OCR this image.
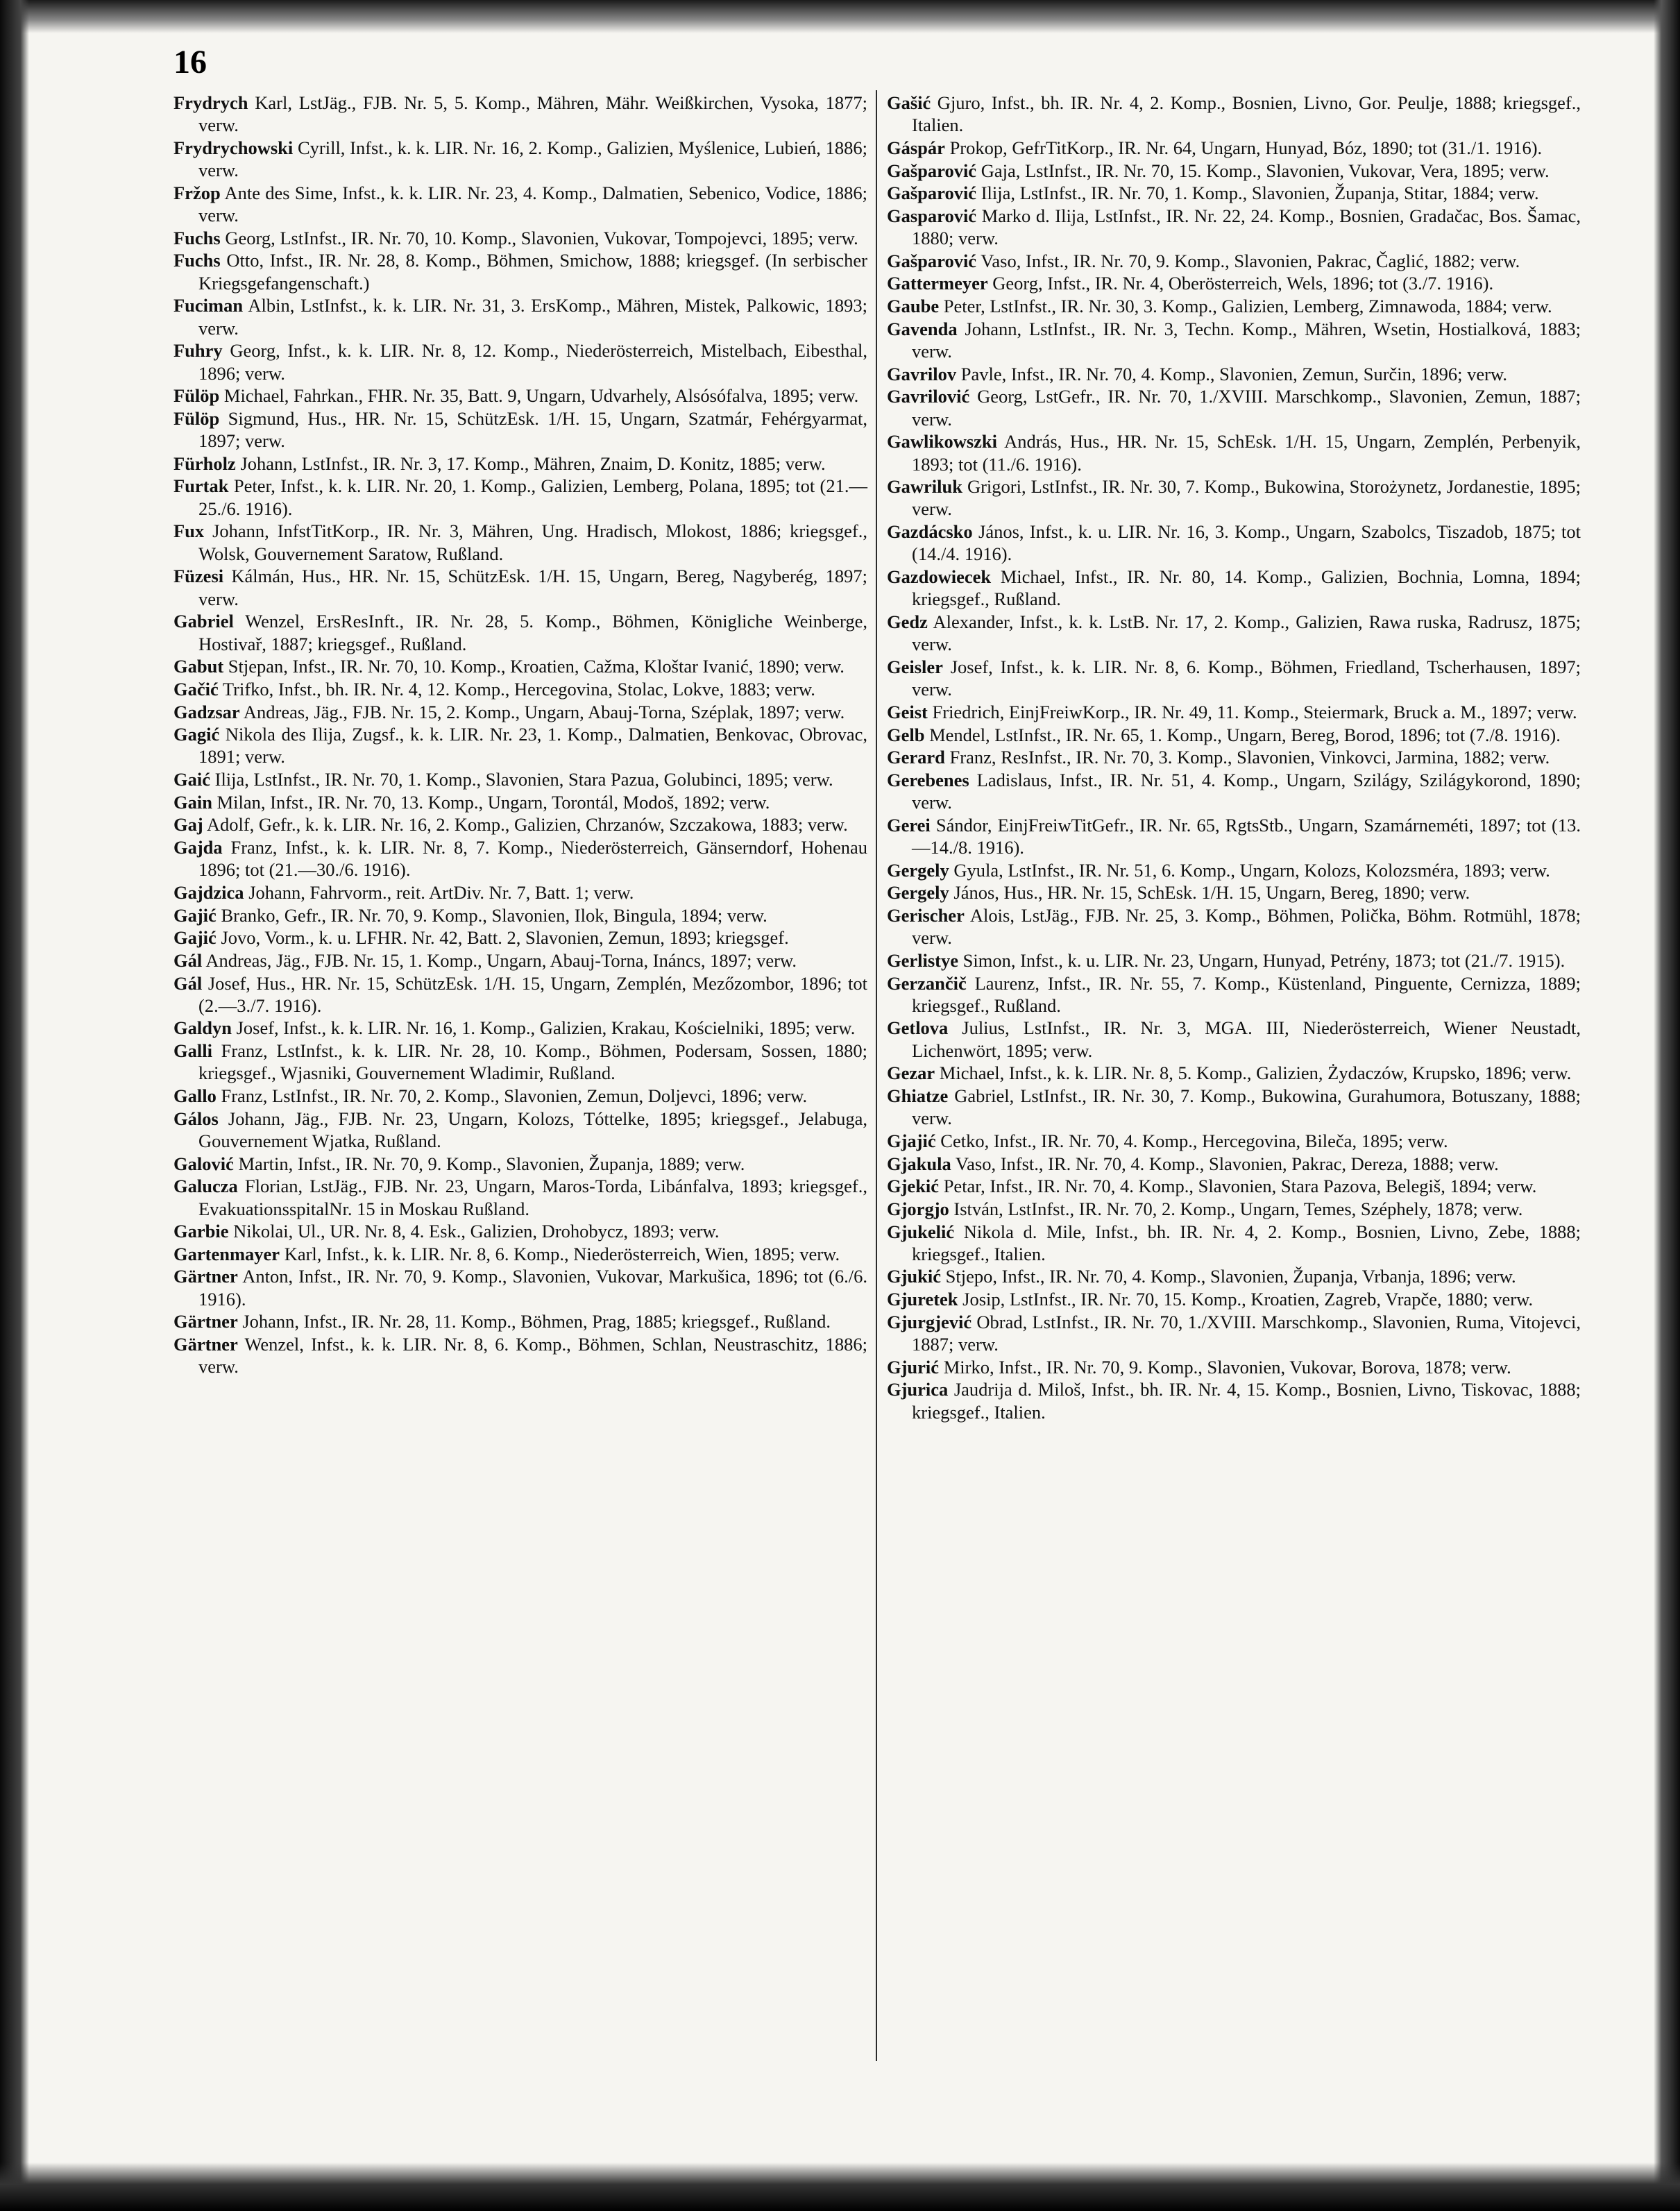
16

Frydrych Karl, LstJäg., FJB. Nr. 5, 5. Komp., Mähren, Mähr. Weißkirchen, Vysoka, 1877; verw.

Frydrychowski Cyrill, Infst., k. k. LIR. Nr. 16, 2. Komp., Galizien, Myślenice, Lubień, 1886; verw.

Fržop Ante des Sime, Infst., k. k. LIR. Nr. 23, 4. Komp., Dalmatien, Sebenico, Vodice, 1886; verw.

Fuchs Georg, LstInfst., IR. Nr. 70, 10. Komp., Slavonien, Vukovar, Tompojevci, 1895; verw.

Fuchs Otto, Infst., IR. Nr. 28, 8. Komp., Böhmen, Smichow, 1888; kriegsgef. (In serbischer Kriegsgefangenschaft.)

Fuciman Albin, LstInfst., k. k. LIR. Nr. 31, 3. ErsKomp., Mähren, Mistek, Palkowic, 1893; verw.

Fuhry Georg, Infst., k. k. LIR. Nr. 8, 12. Komp., Niederösterreich, Mistelbach, Eibesthal, 1896; verw.

Fülöp Michael, Fahrkan., FHR. Nr. 35, Batt. 9, Ungarn, Udvarhely, Alsósófalva, 1895; verw.

Fülöp Sigmund, Hus., HR. Nr. 15, SchützEsk. 1/H. 15, Ungarn, Szatmár, Fehérgyarmat, 1897; verw.

Fürholz Johann, LstInfst., IR. Nr. 3, 17. Komp., Mähren, Znaim, D. Konitz, 1885; verw.

Furtak Peter, Infst., k. k. LIR. Nr. 20, 1. Komp., Galizien, Lemberg, Polana, 1895; tot (21.—25./6. 1916).

Fux Johann, InfstTitKorp., IR. Nr. 3, Mähren, Ung. Hradisch, Mlokost, 1886; kriegsgef., Wolsk, Gouvernement Saratow, Rußland.

Füzesi Kálmán, Hus., HR. Nr. 15, SchützEsk. 1/H. 15, Ungarn, Bereg, Nagyberég, 1897; verw.

Gabriel Wenzel, ErsResInft., IR. Nr. 28, 5. Komp., Böhmen, Königliche Weinberge, Hostivař, 1887; kriegsgef., Rußland.

Gabut Stjepan, Infst., IR. Nr. 70, 10. Komp., Kroatien, Cažma, Kloštar Ivanić, 1890; verw.

Gačić Trifko, Infst., bh. IR. Nr. 4, 12. Komp., Hercegovina, Stolac, Lokve, 1883; verw.

Gadzsar Andreas, Jäg., FJB. Nr. 15, 2. Komp., Ungarn, Abauj-Torna, Széplak, 1897; verw.

Gagić Nikola des Ilija, Zugsf., k. k. LIR. Nr. 23, 1. Komp., Dalmatien, Benkovac, Obrovac, 1891; verw.

Gaić Ilija, LstInfst., IR. Nr. 70, 1. Komp., Slavonien, Stara Pazua, Golubinci, 1895; verw.

Gain Milan, Infst., IR. Nr. 70, 13. Komp., Ungarn, Torontál, Modoš, 1892; verw.

Gaj Adolf, Gefr., k. k. LIR. Nr. 16, 2. Komp., Galizien, Chrzanów, Szczakowa, 1883; verw.

Gajda Franz, Infst., k. k. LIR. Nr. 8, 7. Komp., Niederösterreich, Gänserndorf, Hohenau 1896; tot (21.—30./6. 1916).

Gajdzica Johann, Fahrvorm., reit. ArtDiv. Nr. 7, Batt. 1; verw.

Gajić Branko, Gefr., IR. Nr. 70, 9. Komp., Slavonien, Ilok, Bingula, 1894; verw.

Gajić Jovo, Vorm., k. u. LFHR. Nr. 42, Batt. 2, Slavonien, Zemun, 1893; kriegsgef.

Gál Andreas, Jäg., FJB. Nr. 15, 1. Komp., Ungarn, Abauj-Torna, Ináncs, 1897; verw.

Gál Josef, Hus., HR. Nr. 15, SchützEsk. 1/H. 15, Ungarn, Zemplén, Mezőzombor, 1896; tot (2.—3./7. 1916).

Galdyn Josef, Infst., k. k. LIR. Nr. 16, 1. Komp., Galizien, Krakau, Kościelniki, 1895; verw.

Galli Franz, LstInfst., k. k. LIR. Nr. 28, 10. Komp., Böhmen, Podersam, Sossen, 1880; kriegsgef., Wjasniki, Gouvernement Wladimir, Rußland.

Gallo Franz, LstInfst., IR. Nr. 70, 2. Komp., Slavonien, Zemun, Doljevci, 1896; verw.

Gálos Johann, Jäg., FJB. Nr. 23, Ungarn, Kolozs, Tóttelke, 1895; kriegsgef., Jelabuga, Gouvernement Wjatka, Rußland.

Galović Martin, Infst., IR. Nr. 70, 9. Komp., Slavonien, Županja, 1889; verw.

Galucza Florian, LstJäg., FJB. Nr. 23, Ungarn, Maros-Torda, Libánfalva, 1893; kriegsgef., EvakuationsspitalNr. 15 in Moskau Rußland.

Garbie Nikolai, Ul., UR. Nr. 8, 4. Esk., Galizien, Drohobycz, 1893; verw.

Gartenmayer Karl, Infst., k. k. LIR. Nr. 8, 6. Komp., Niederösterreich, Wien, 1895; verw.

Gärtner Anton, Infst., IR. Nr. 70, 9. Komp., Slavonien, Vukovar, Markušica, 1896; tot (6./6. 1916).

Gärtner Johann, Infst., IR. Nr. 28, 11. Komp., Böhmen, Prag, 1885; kriegsgef., Rußland.

Gärtner Wenzel, Infst., k. k. LIR. Nr. 8, 6. Komp., Böhmen, Schlan, Neustraschitz, 1886; verw.

Gašić Gjuro, Infst., bh. IR. Nr. 4, 2. Komp., Bosnien, Livno, Gor. Peulje, 1888; kriegsgef., Italien.

Gáspár Prokop, GefrTitKorp., IR. Nr. 64, Ungarn, Hunyad, Bóz, 1890; tot (31./1. 1916).

Gašparović Gaja, LstInfst., IR. Nr. 70, 15. Komp., Slavonien, Vukovar, Vera, 1895; verw.

Gašparović Ilija, LstInfst., IR. Nr. 70, 1. Komp., Slavonien, Županja, Stitar, 1884; verw.

Gasparović Marko d. Ilija, LstInfst., IR. Nr. 22, 24. Komp., Bosnien, Gradačac, Bos. Šamac, 1880; verw.

Gašparović Vaso, Infst., IR. Nr. 70, 9. Komp., Slavonien, Pakrac, Čaglić, 1882; verw.

Gattermeyer Georg, Infst., IR. Nr. 4, Oberösterreich, Wels, 1896; tot (3./7. 1916).

Gaube Peter, LstInfst., IR. Nr. 30, 3. Komp., Galizien, Lemberg, Zimnawoda, 1884; verw.

Gavenda Johann, LstInfst., IR. Nr. 3, Techn. Komp., Mähren, Wsetin, Hostialková, 1883; verw.

Gavrilov Pavle, Infst., IR. Nr. 70, 4. Komp., Slavonien, Zemun, Surčin, 1896; verw.

Gavrilović Georg, LstGefr., IR. Nr. 70, 1./XVIII. Marschkomp., Slavonien, Zemun, 1887; verw.

Gawlikowszki András, Hus., HR. Nr. 15, SchEsk. 1/H. 15, Ungarn, Zemplén, Perbenyik, 1893; tot (11./6. 1916).

Gawriluk Grigori, LstInfst., IR. Nr. 30, 7. Komp., Bukowina, Storożynetz, Jordanestie, 1895; verw.

Gazdácsko János, Infst., k. u. LIR. Nr. 16, 3. Komp., Ungarn, Szabolcs, Tiszadob, 1875; tot (14./4. 1916).

Gazdowiecek Michael, Infst., IR. Nr. 80, 14. Komp., Galizien, Bochnia, Lomna, 1894; kriegsgef., Rußland.

Gedz Alexander, Infst., k. k. LstB. Nr. 17, 2. Komp., Galizien, Rawa ruska, Radrusz, 1875; verw.

Geisler Josef, Infst., k. k. LIR. Nr. 8, 6. Komp., Böhmen, Friedland, Tscherhausen, 1897; verw.

Geist Friedrich, EinjFreiwKorp., IR. Nr. 49, 11. Komp., Steiermark, Bruck a. M., 1897; verw.

Gelb Mendel, LstInfst., IR. Nr. 65, 1. Komp., Ungarn, Bereg, Borod, 1896; tot (7./8. 1916).

Gerard Franz, ResInfst., IR. Nr. 70, 3. Komp., Slavonien, Vinkovci, Jarmina, 1882; verw.

Gerebenes Ladislaus, Infst., IR. Nr. 51, 4. Komp., Ungarn, Szilágy, Szilágykorond, 1890; verw.

Gerei Sándor, EinjFreiwTitGefr., IR. Nr. 65, RgtsStb., Ungarn, Szamárneméti, 1897; tot (13.—14./8. 1916).

Gergely Gyula, LstInfst., IR. Nr. 51, 6. Komp., Ungarn, Kolozs, Kolozsméra, 1893; verw.

Gergely János, Hus., HR. Nr. 15, SchEsk. 1/H. 15, Ungarn, Bereg, 1890; verw.

Gerischer Alois, LstJäg., FJB. Nr. 25, 3. Komp., Böhmen, Polička, Böhm. Rotmühl, 1878; verw.

Gerlistye Simon, Infst., k. u. LIR. Nr. 23, Ungarn, Hunyad, Petrény, 1873; tot (21./7. 1915).

Gerzančič Laurenz, Infst., IR. Nr. 55, 7. Komp., Küstenland, Pinguente, Cernizza, 1889; kriegsgef., Rußland.

Getlova Julius, LstInfst., IR. Nr. 3, MGA. III, Niederösterreich, Wiener Neustadt, Lichenwört, 1895; verw.

Gezar Michael, Infst., k. k. LIR. Nr. 8, 5. Komp., Galizien, Żydaczów, Krupsko, 1896; verw.

Ghiatze Gabriel, LstInfst., IR. Nr. 30, 7. Komp., Bukowina, Gurahumora, Botuszany, 1888; verw.

Gjajić Cetko, Infst., IR. Nr. 70, 4. Komp., Hercegovina, Bileča, 1895; verw.

Gjakula Vaso, Infst., IR. Nr. 70, 4. Komp., Slavonien, Pakrac, Dereza, 1888; verw.

Gjekić Petar, Infst., IR. Nr. 70, 4. Komp., Slavonien, Stara Pazova, Belegiš, 1894; verw.

Gjorgjo István, LstInfst., IR. Nr. 70, 2. Komp., Ungarn, Temes, Széphely, 1878; verw.

Gjukelić Nikola d. Mile, Infst., bh. IR. Nr. 4, 2. Komp., Bosnien, Livno, Zebe, 1888; kriegsgef., Italien.

Gjukić Stjepo, Infst., IR. Nr. 70, 4. Komp., Slavonien, Županja, Vrbanja, 1896; verw.

Gjuretek Josip, LstInfst., IR. Nr. 70, 15. Komp., Kroatien, Zagreb, Vrapče, 1880; verw.

Gjurgjević Obrad, LstInfst., IR. Nr. 70, 1./XVIII. Marschkomp., Slavonien, Ruma, Vitojevci, 1887; verw.

Gjurić Mirko, Infst., IR. Nr. 70, 9. Komp., Slavonien, Vukovar, Borova, 1878; verw.

Gjurica Jaudrija d. Miloš, Infst., bh. IR. Nr. 4, 15. Komp., Bosnien, Livno, Tiskovac, 1888; kriegsgef., Italien.
